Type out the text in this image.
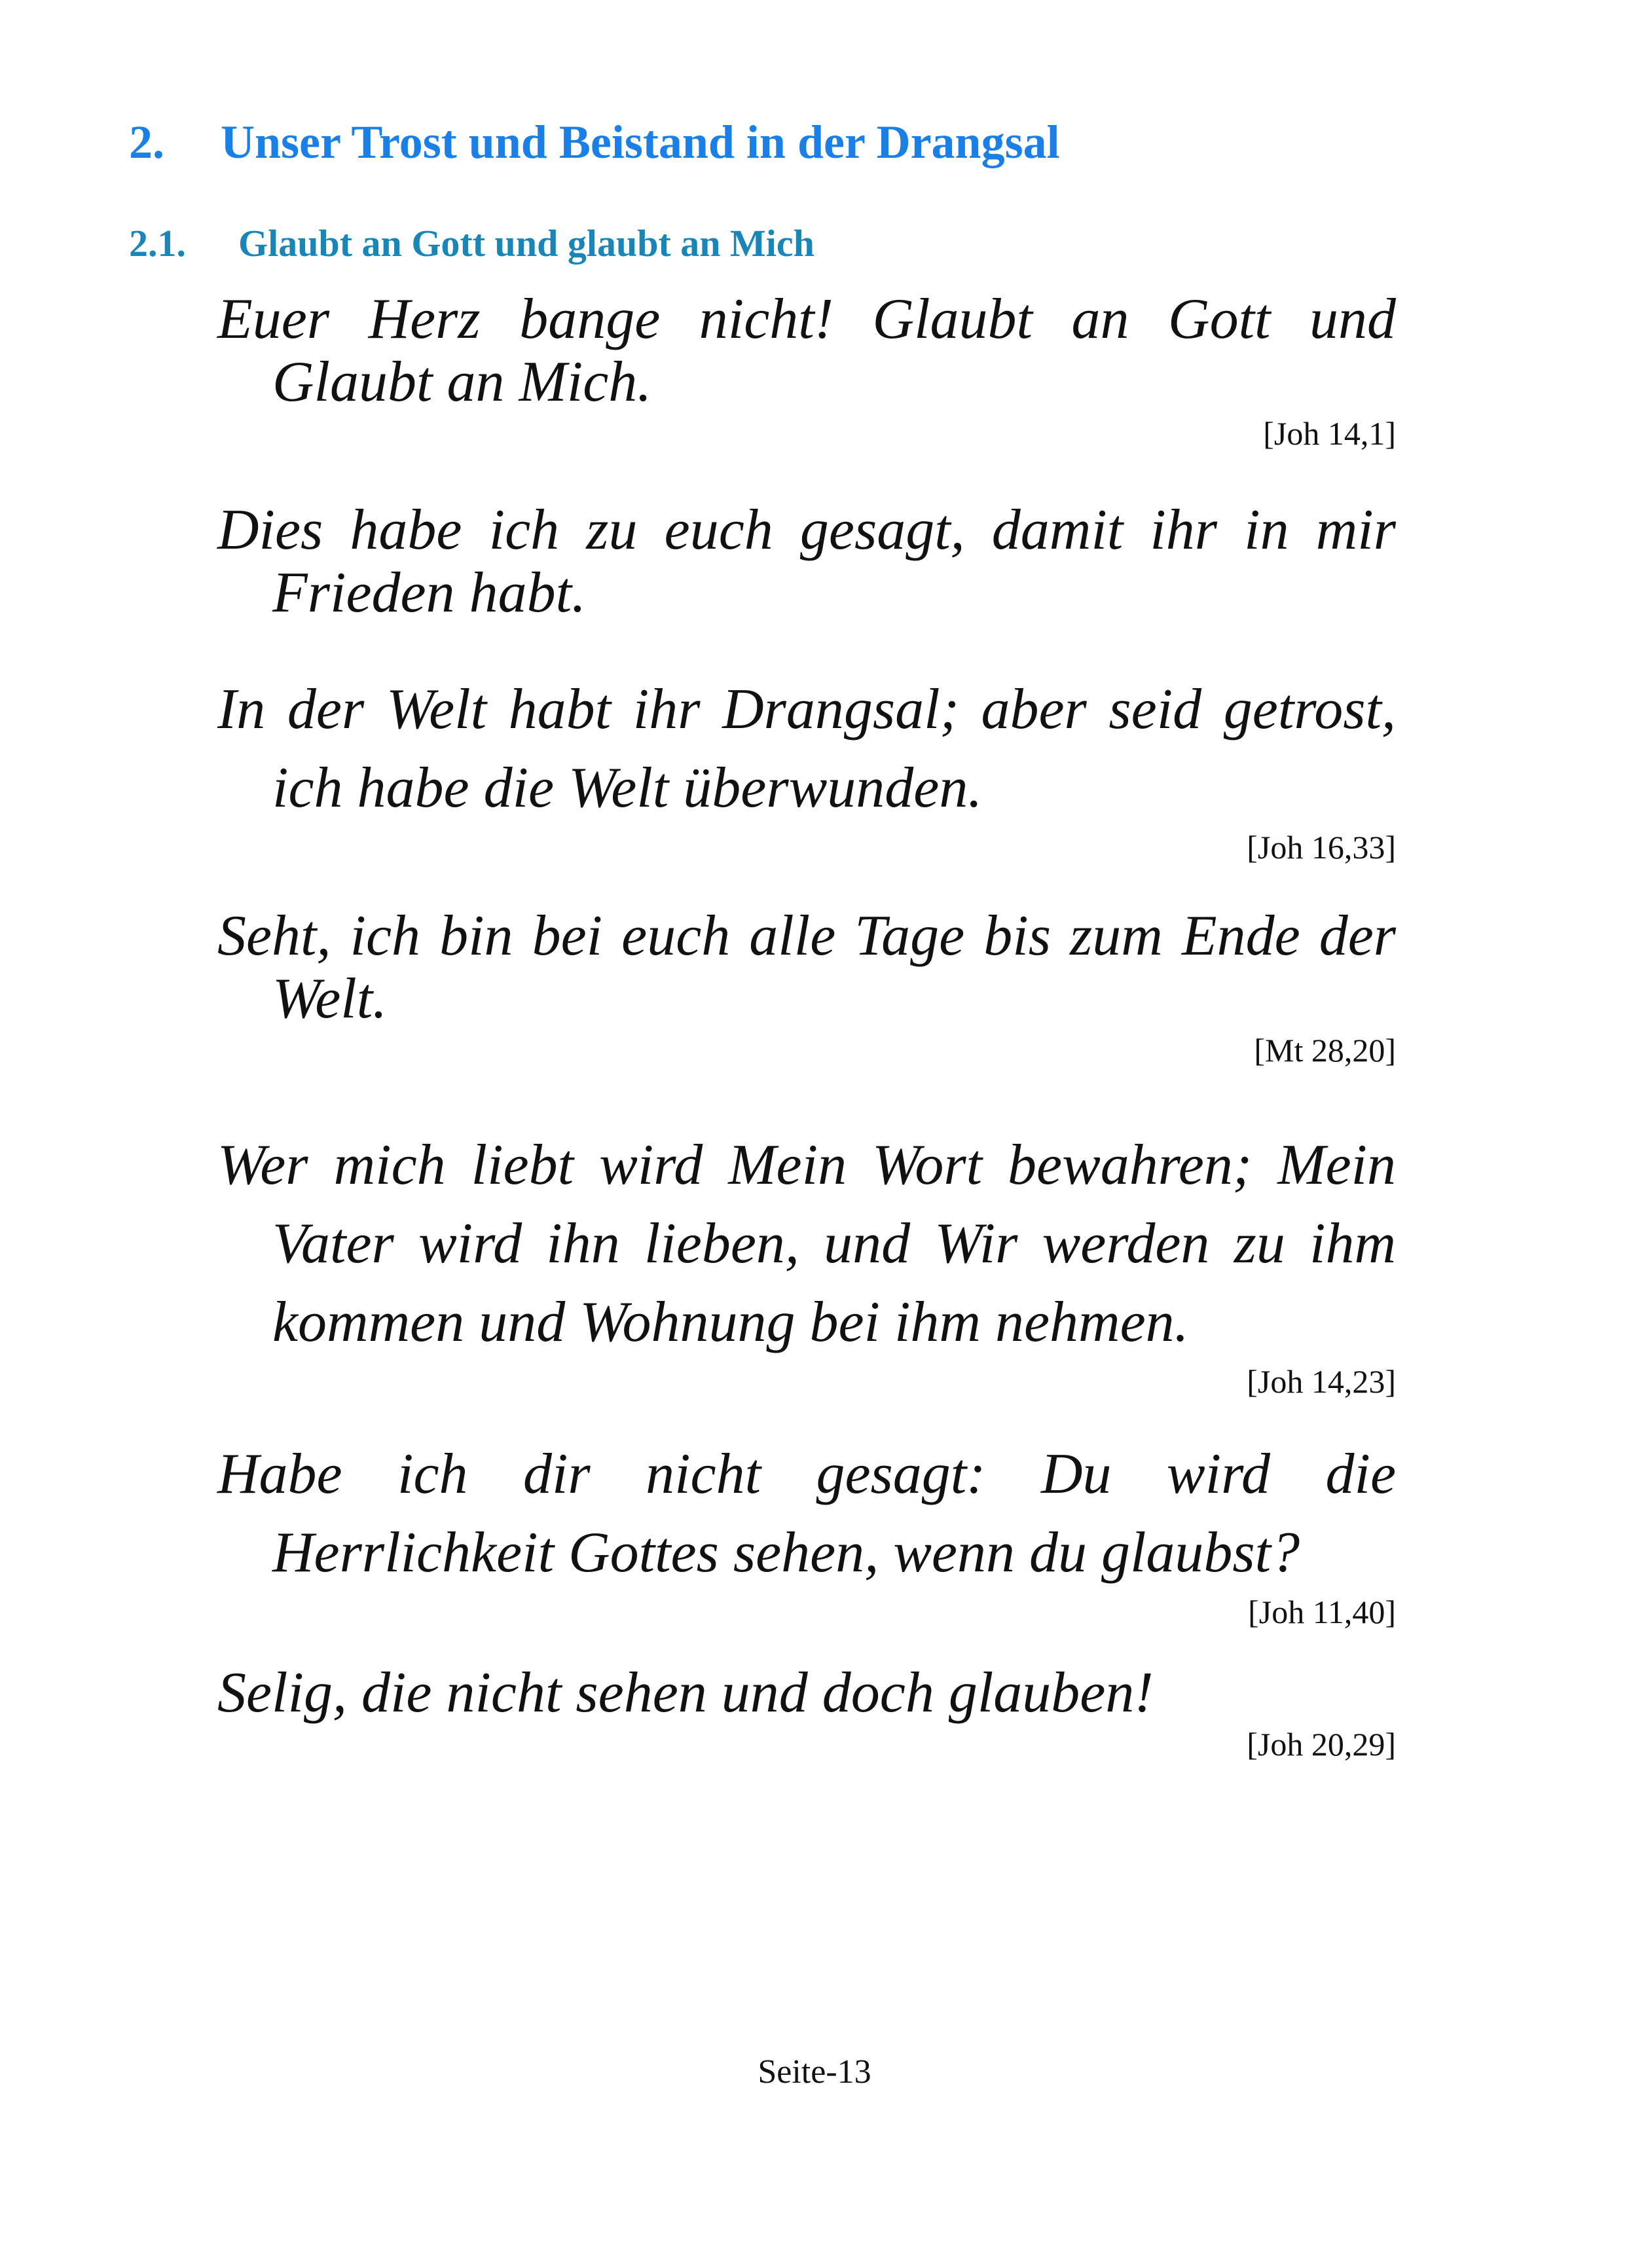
2. Unser Trost und Beistand in der Drangsal
2.1. Glaubt an Gott und glaubt an Mich

Euer Herz bange nicht! Glaubt an Gott und Glaubt an Mich.

[Joh 14,1]

Dies habe ich zu euch gesagt, damit ihr in mir Frieden habt.

In der Welt habt ihr Drangsal; aber seid getrost, ich habe die Welt überwunden.

[Joh 16,33]

Seht, ich bin bei euch alle Tage bis zum Ende der Welt.

[Mt 28,20]

Wer mich liebt wird Mein Wort bewahren; Mein Vater wird ihn lieben, und Wir werden zu ihm kommen und Wohnung bei ihm nehmen.

[Joh 14,23]

Habe ich dir nicht gesagt: Du wird die Herrlichkeit Gottes sehen, wenn du glaubst?

[Joh 11,40]

Selig, die nicht sehen und doch glauben!

[Joh 20,29]

Seite-13
